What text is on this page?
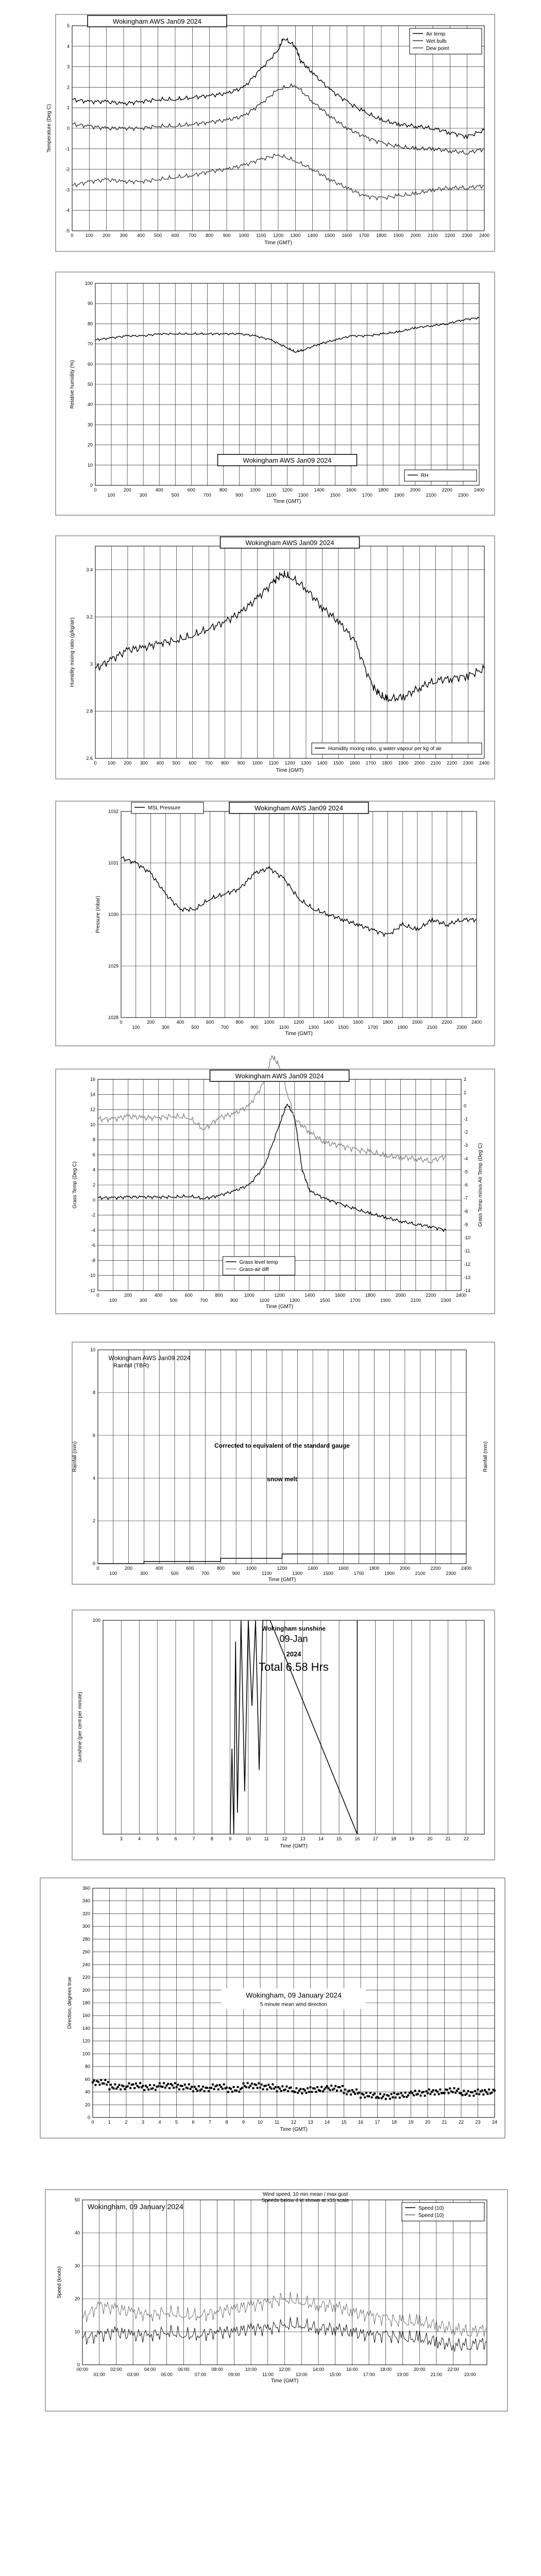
5
4
3
2
1
0
-1
-2
-3
-4
-5
0	100 200 300 400 500 600 700 800 900 1000 1100 1200 1300 1400 1500 1600 1700 1800 1900 2000 2100 2200 2300 2400
Time (GMT)
Temperature (Deg C)
Wokingham AWS Jan09 2024
Air temp
Wet bulb
Dew point
100
90
80
70
60
50
40
30
20
10
0
0	200	400	600	800	1000	1200	1400	1600	1800	2000	2200	2400
100	300	500	700	900	1100	1300	1500	1700	1900	2100	2300
Time (GMT)
Relative humidity (%)
Wokingham AWS Jan09 2024
RH
3.4
3.2
3
2.8
2.6
0 100 200 300 400 500 600 700 800 900 1000 1100 1200 1300 1400 1500 1600 1700 1800 1900 2000 2100 2200 2300 2400
Time (GMT)
Humidity mixing ratio (g/kg/air)
Wokingham AWS Jan09 2024
Humidity mixing ratio, g water vapour per kg of air
1032
1031
1030
1029
1028
0	200	400	600	800	1000	1200	1400	1600	1800	2000	2200	2400
100	300	500	700	900	1100	1300	1500	1700	1900	2100	2300
Time (GMT)
Pressure (mbar)
Wokingham AWS Jan09 2024
MSL Pressure
16
14
12
10
8
6
4
2
0
-2
-4
-6
-8
-10
-12
2
1
0
-1
-2
-3
-4
-5
-6
-7
-8
-9
-10
-11
-12
-13
-14
0	200	400	600	800	1000	1200	1400	1600	1800	2000	2200	2400
100	300	500	700	900	1100	1300	1500	1700	1900	2100	2300
Time (GMT)
Grass Temp (Deg C)	Grass Temp minus Air Temp (Deg C)
Wokingham AWS Jan09 2024
Grass level temp
Grass-air diff
10
8
6
4
2
0
0	200	400	600	800	1000	1200	1400	1600	1800	2000	2200	2400
100	300	500	700	900	1100	1300	1500	1700	1900	2100	2300
Time (GMT)
Rainfall (mm)	Rainfall (mm)
Wokingham AWS Jan09 2024
Rainfall (TBR)
Corrected to equivalent of the standard gauge
snow melt
100
3	4	5	6	7	8	9	10	11	12	13	14	15	16	17	18	19	20	21	22
Time (GMT)
Sunshine (per cent per minute)
Wokingham sunshine
09-Jan
2024
Total 6.58 Hrs
360
340
320
300
280
260
240
220
200
180
160
140
120
100
80
60
40
20
0
0	1	2	3	4	5	6	7	8	9	10	11	12 13 14 15 16 17 18 19 20 21 22 23 24
Time (GMT)
Direction, degrees true	Wokingham, 09 January 2024
5 minute mean wind direction
50
40
30
20
10
0
00:00	02:00	04:00	06:00	08:00	10:00	12:00	14:00	16:00	18:00	20:00	22:00
01:00	03:00	05:00	07:00	09:00	11:00	13:00	15:00	17:00	19:00	21:00	23:00
Time (GMT)
Speed (knots)
Wokingham, 09 January 2024
Wind speed, 10 min mean / max gust
Speeds below 4 kt shown at x10 scale
Speed (10)
Speed (10)
